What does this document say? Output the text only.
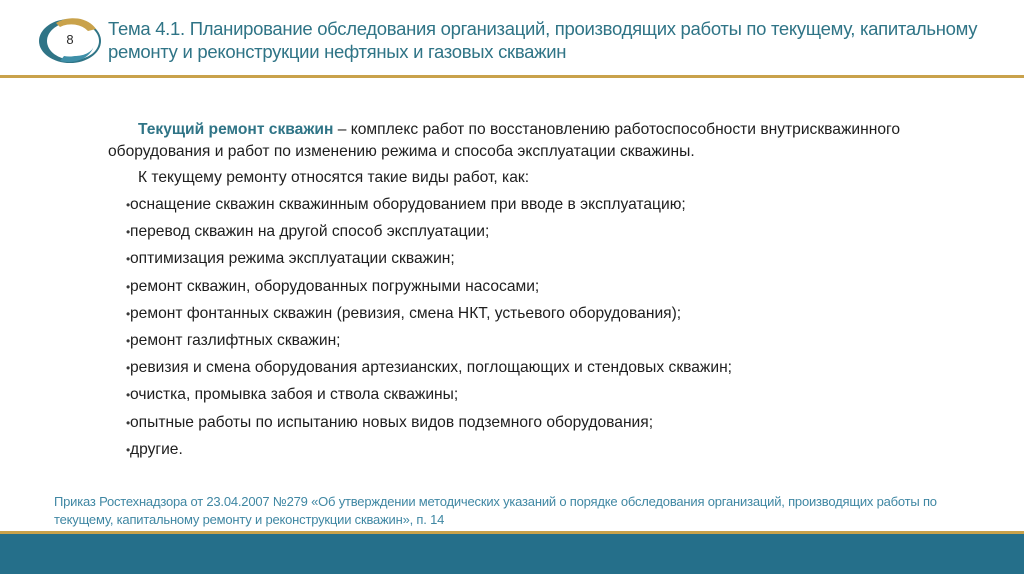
8
Тема 4.1. Планирование обследования организаций, производящих работы по текущему, капитальному ремонту и реконструкции нефтяных и газовых скважин

Текущий ремонт скважин – комплекс работ по восстановлению работоспособности внутрискважинного оборудования и работ по изменению режима и способа эксплуатации скважины.

К текущему ремонту относятся такие виды работ, как:

• оснащение скважин скважинным оборудованием при вводе в эксплуатацию;
• перевод скважин на другой способ эксплуатации;
• оптимизация режима эксплуатации скважин;
• ремонт скважин, оборудованных погружными насосами;
• ремонт фонтанных скважин (ревизия, смена НКТ, устьевого оборудования);
• ремонт газлифтных скважин;
• ревизия и смена оборудования артезианских, поглощающих и стендовых скважин;
• очистка, промывка забоя и ствола скважины;
• опытные работы по испытанию новых видов подземного оборудования;
• другие.
Приказ Ростехнадзора от 23.04.2007 №279 «Об утверждении методических указаний о порядке обследования организаций, производящих работы по текущему, капитальному ремонту и реконструкции скважин», п. 14
